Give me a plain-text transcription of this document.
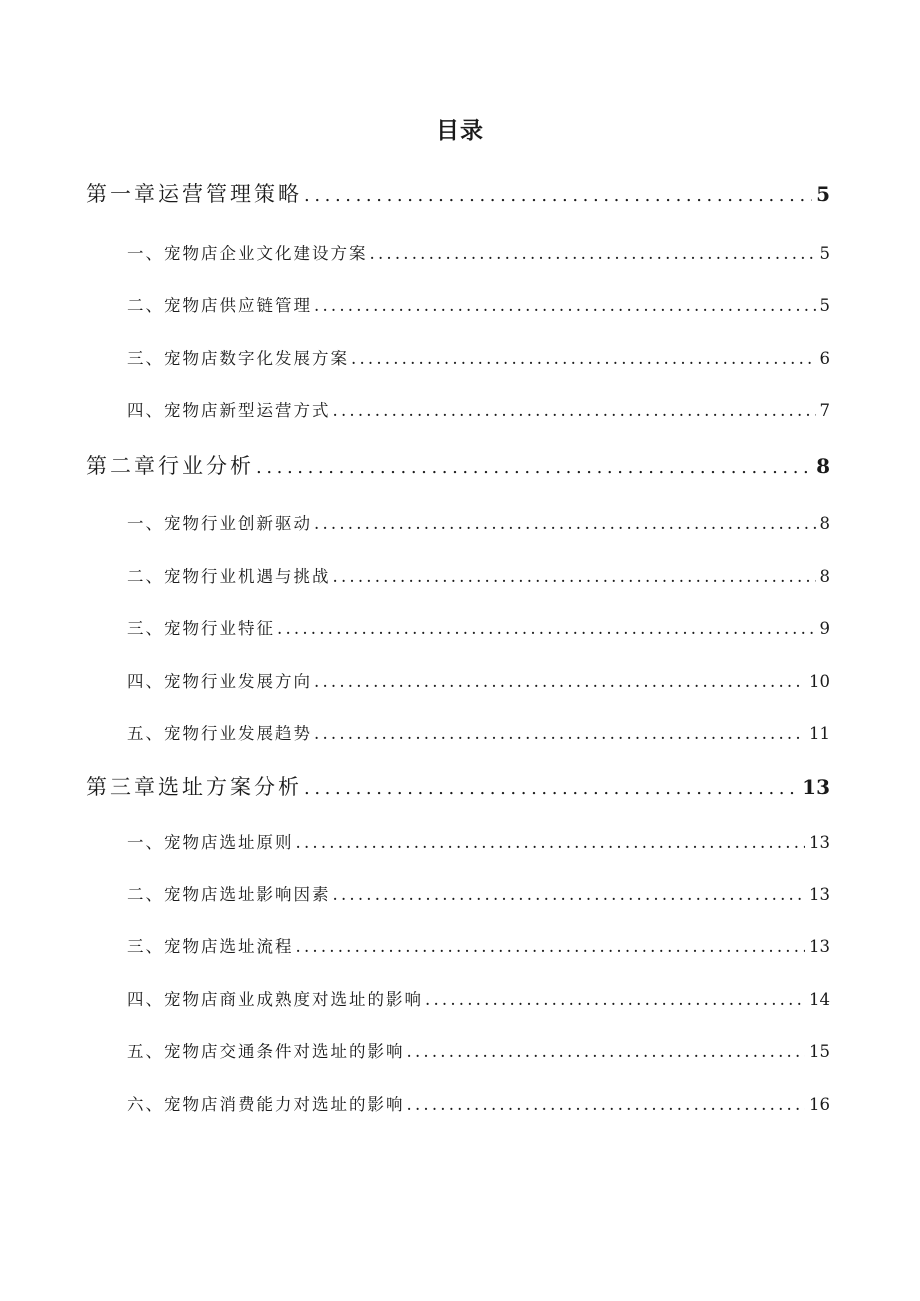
目录
第一章运营管理策略 .....	5
一、宠物店企业文化建设方案 .....	5
二、宠物店供应链管理 .....	5
三、宠物店数字化发展方案 .....	6
四、宠物店新型运营方式 .....	7
第二章行业分析 .....	8
一、宠物行业创新驱动 .....	8
二、宠物行业机遇与挑战 .....	8
三、宠物行业特征 .....	9
四、宠物行业发展方向 .....	10
五、宠物行业发展趋势 .....	11
第三章选址方案分析 .....	13
一、宠物店选址原则 .....	13
二、宠物店选址影响因素 .....	13
三、宠物店选址流程 .....	13
四、宠物店商业成熟度对选址的影响 .....	14
五、宠物店交通条件对选址的影响 .....	15
六、宠物店消费能力对选址的影响 .....	16
